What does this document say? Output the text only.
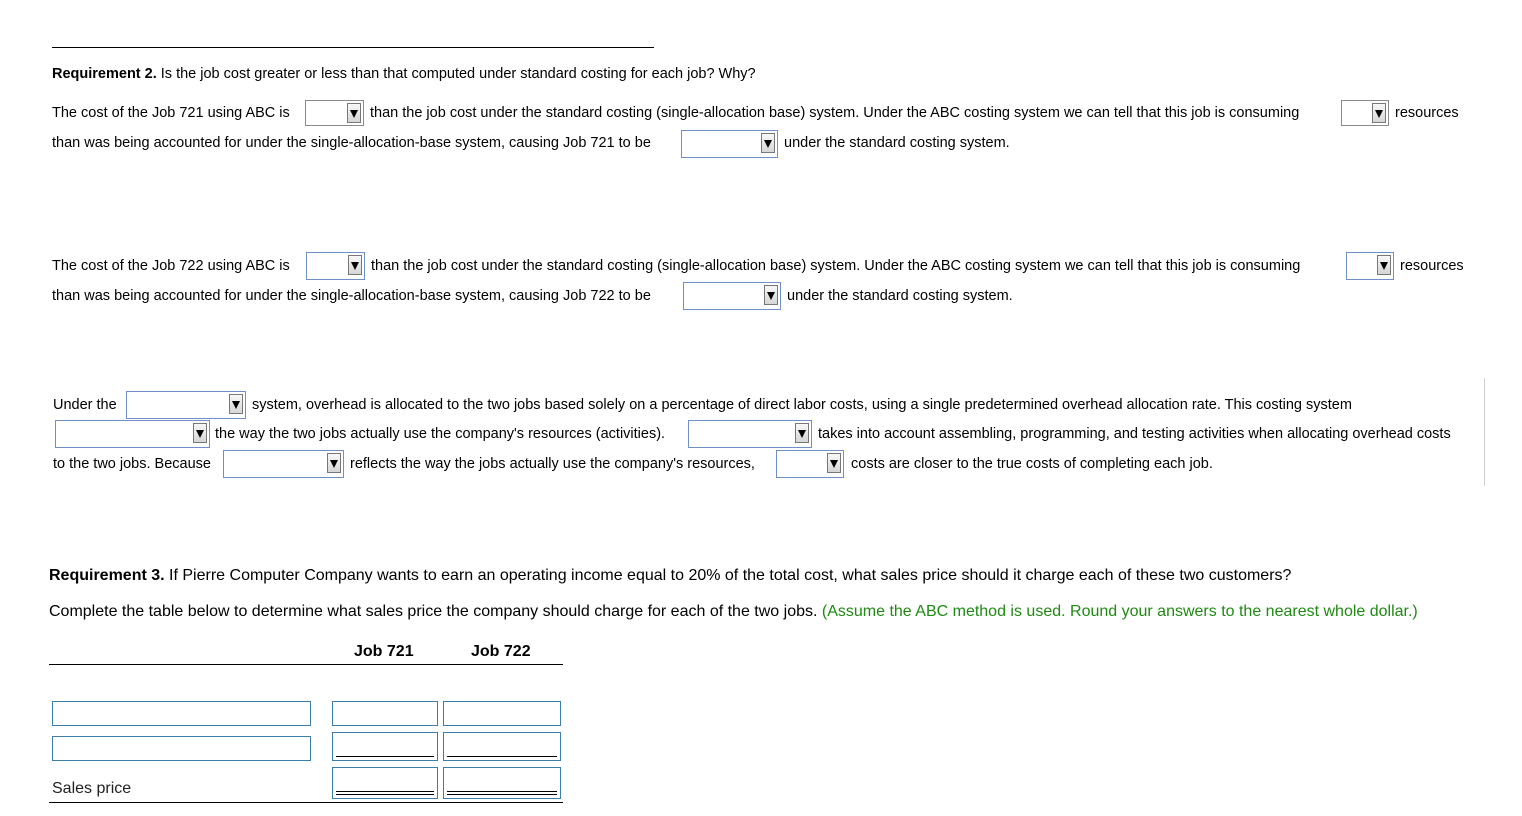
Requirement 2. Is the job cost greater or less than that computed under standard costing for each job? Why?
The cost of the Job 721 using ABC is	than the job cost under the standard costing (single-allocation base) system. Under the ABC costing system we can tell that this job is consuming	resources
than was being accounted for under the single-allocation-base system, causing Job 721 to be	under the standard costing system.
The cost of the Job 722 using ABC is	than the job cost under the standard costing (single-allocation base) system. Under the ABC costing system we can tell that this job is consuming	resources
than was being accounted for under the single-allocation-base system, causing Job 722 to be	under the standard costing system.
Under the	system, overhead is allocated to the two jobs based solely on a percentage of direct labor costs, using a single predetermined overhead allocation rate. This costing system
the way the two jobs actually use the company's resources (activities).	takes into account assembling, programming, and testing activities when allocating overhead costs
to the two jobs. Because	reflects the way the jobs actually use the company's resources,	costs are closer to the true costs of completing each job.
Requirement 3. If Pierre Computer Company wants to earn an operating income equal to 20% of the total cost, what sales price should it charge each of these two customers?
Complete the table below to determine what sales price the company should charge for each of the two jobs. (Assume the ABC method is used. Round your answers to the nearest whole dollar.)
Job 721	Job 722
Sales price
